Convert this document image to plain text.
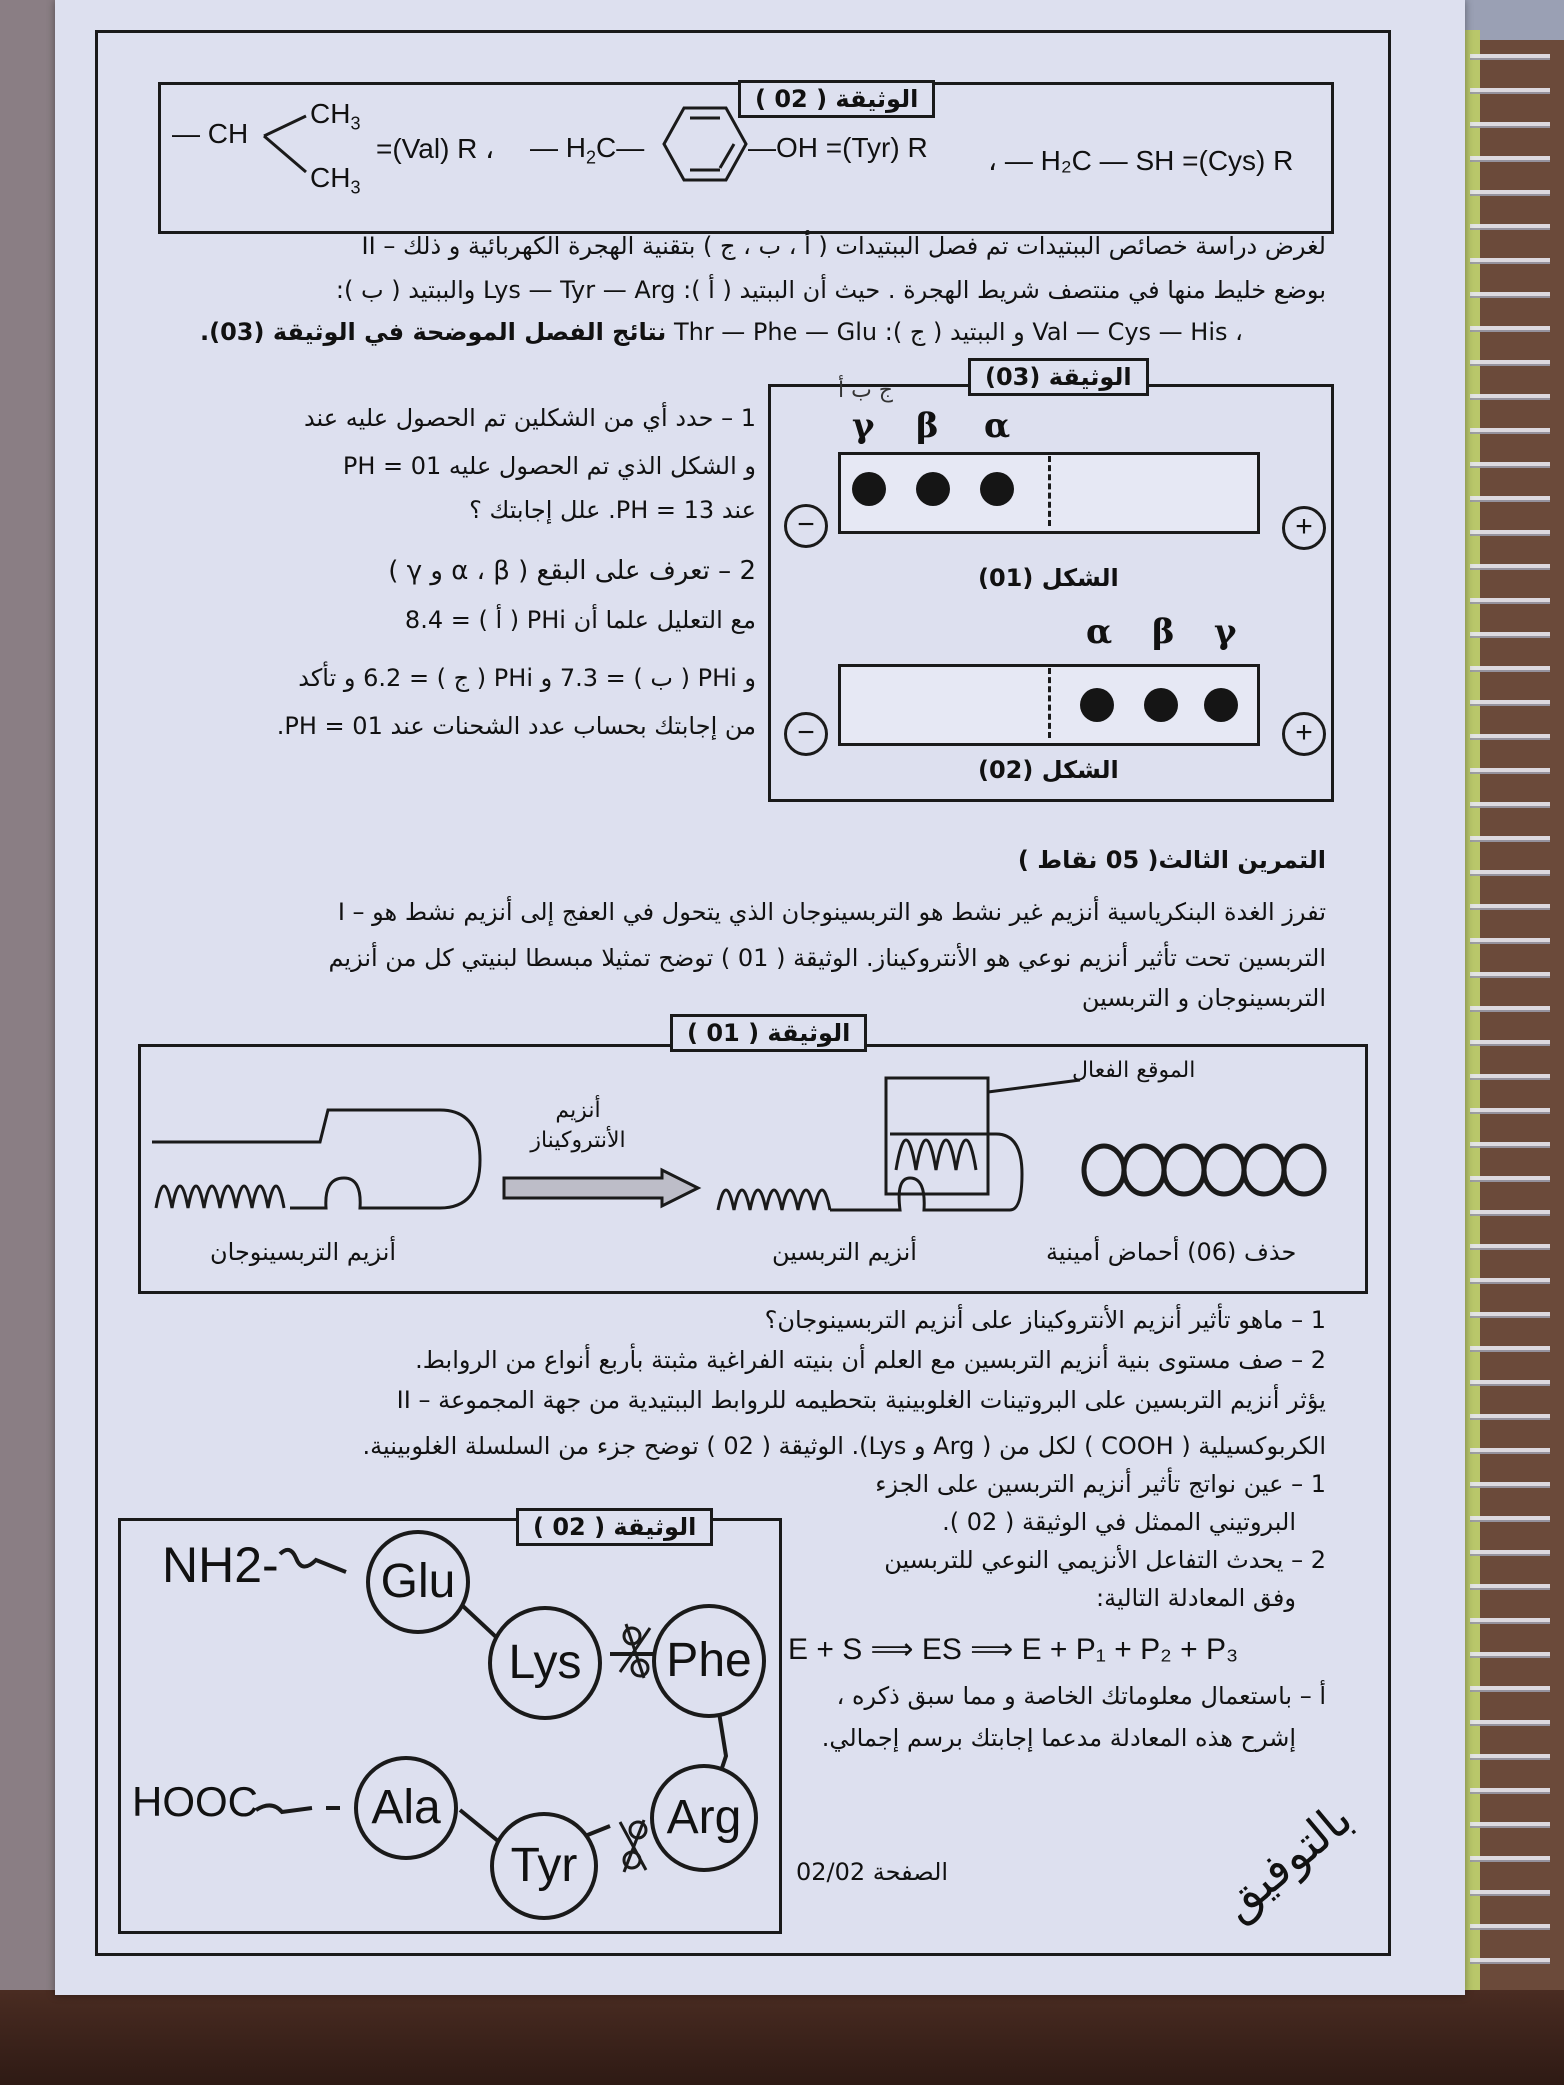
الوثيقة ( 02 )
— CH
$CH_3$
$CH_3$
=(Val) R ، — $H_2C—$	—OH =(Tyr) R ، — H₂C — SH =(Cys) R
II – لغرض دراسة خصائص الببتيدات تم فصل الببتيدات ( أ ، ب ، ج ) بتقنية الهجرة الكهربائية و ذلك
بوضع خليط منها في منتصف شريط الهجرة . حيث أن الببتيد ( أ ): Lys — Tyr — Arg والببتيد ( ب ):
نتائج الفصل الموضحة في الوثيقة (03). Thr — Phe — Glu :( ج ) و الببتيد Val — Cys — His ،
الوثيقة (03)
ج ب أ
γ β α
−	+
الشكل (01)
α β γ
−	+
الشكل (02)
1 – حدد أي من الشكلين تم الحصول عليه عند
PH = 01 و الشكل الذي تم الحصول عليه
عند PH = 13. علل إجابتك ؟
2 – تعرف على البقع ( α ، β و γ )
مع التعليل علما أن PHi ( أ ) = 8.4
و PHi ( ب ) = 7.3 و PHi ( ج ) = 6.2 و تأكد
من إجابتك بحساب عدد الشحنات عند PH = 01.
التمرين الثالث( 05 نقاط )
I – تفرز الغدة البنكرياسية أنزيم غير نشط هو التربسينوجان الذي يتحول في العفج إلى أنزيم نشط هو
التربسين تحت تأثير أنزيم نوعي هو الأنتروكيناز. الوثيقة ( 01 ) توضح تمثيلا مبسطا لبنيتي كل من أنزيم
التربسينوجان و التربسين
الوثيقة ( 01 )
أنزيم
الأنتروكيناز
الموقع الفعال
أنزيم التربسينوجان	أنزيم التربسين	حذف (06) أحماض أمينية
1 – ماهو تأثير أنزيم الأنتروكيناز على أنزيم التربسينوجان؟
2 – صف مستوى بنية أنزيم التربسين مع العلم أن بنيته الفراغية مثبتة بأربع أنواع من الروابط.
II – يؤثر أنزيم التربسين على البروتينات الغلوبينية بتحطيمه للروابط الببتيدية من جهة المجموعة
الكربوكسيلية ( COOH ) لكل من ( Arg و Lys). الوثيقة ( 02 ) توضح جزء من السلسلة الغلوبينية.
الوثيقة ( 02 )
NH2-
HOOC
Glu
Lys	Phe
Arg
Tyr
Ala
1 – عين نواتج تأثير أنزيم التربسين على الجزء
البروتيني الممثل في الوثيقة ( 02 ).
2 – يحدث التفاعل الأنزيمي النوعي للتربسين
وفق المعادلة التالية:
E + S ⟹ ES ⟹ E + P₁ + P₂ + P₃
أ – باستعمال معلوماتك الخاصة و مما سبق ذكره ،
إشرح هذه المعادلة مدعما إجابتك برسم إجمالي.
الصفحة 02/02	بالتوفيق
